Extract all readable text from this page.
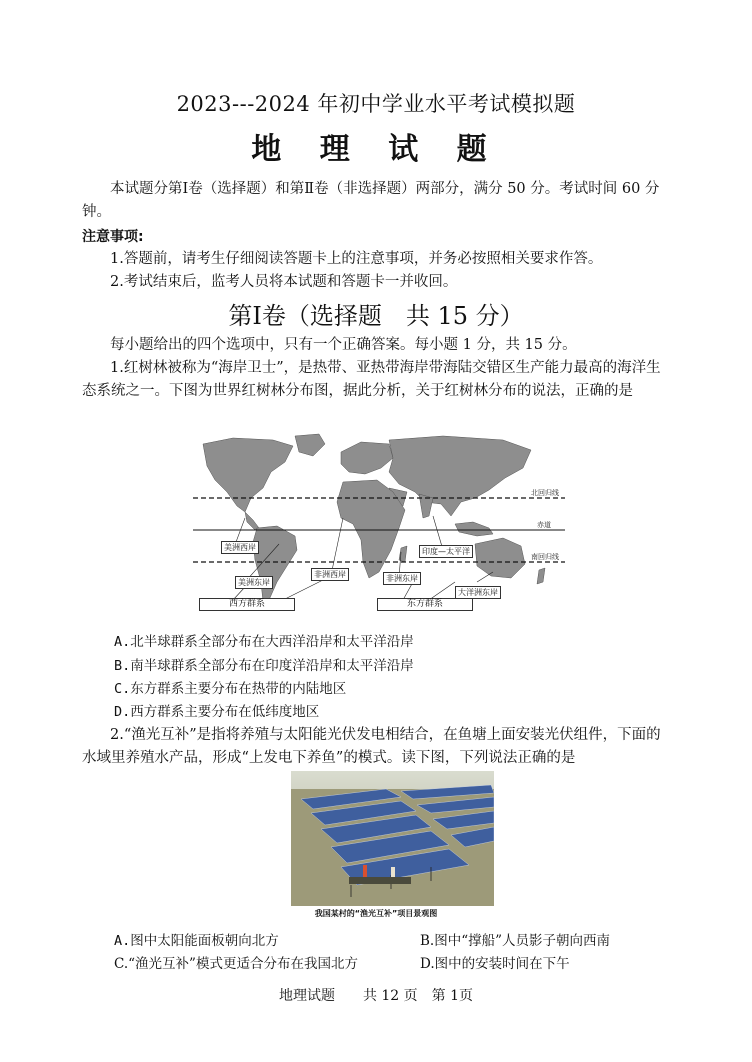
2023---2024 年初中学业水平考试模拟题
地 理 试 题
本试题分第Ⅰ卷（选择题）和第Ⅱ卷（非选择题）两部分，满分 50 分。考试时间 60 分钟。
注意事项:
1.答题前，请考生仔细阅读答题卡上的注意事项，并务必按照相关要求作答。
2.考试结束后，监考人员将本试题和答题卡一并收回。
第Ⅰ卷（选择题　共 15 分）
每小题给出的四个选项中，只有一个正确答案。每小题 1 分，共 15 分。
1.红树林被称为“海岸卫士”，是热带、亚热带海岸带海陆交错区生产能力最高的海洋生态系统之一。下图为世界红树林分布图，据此分析，关于红树林分布的说法，正确的是
北回归线
赤道
南回归线
美洲西岸
美洲东岸
非洲西岸
西方群系
印度—太平洋
东方群系
非洲东岸
大洋洲东岸
A.北半球群系全部分布在大西洋沿岸和太平洋沿岸
B.南半球群系全部分布在印度洋沿岸和太平洋沿岸
C.东方群系主要分布在热带的内陆地区
D.西方群系主要分布在低纬度地区
2.“渔光互补”是指将养殖与太阳能光伏发电相结合，在鱼塘上面安装光伏组件，下面的水域里养殖水产品，形成“上发电下养鱼”的模式。读下图，下列说法正确的是
我国某村的“渔光互补”项目景观图
A.图中太阳能面板朝向北方	B.图中“撑船”人员影子朝向西南
C.“渔光互补”模式更适合分布在我国北方	D.图中的安装时间在下午
地理试题　　共 12 页　第 1页
